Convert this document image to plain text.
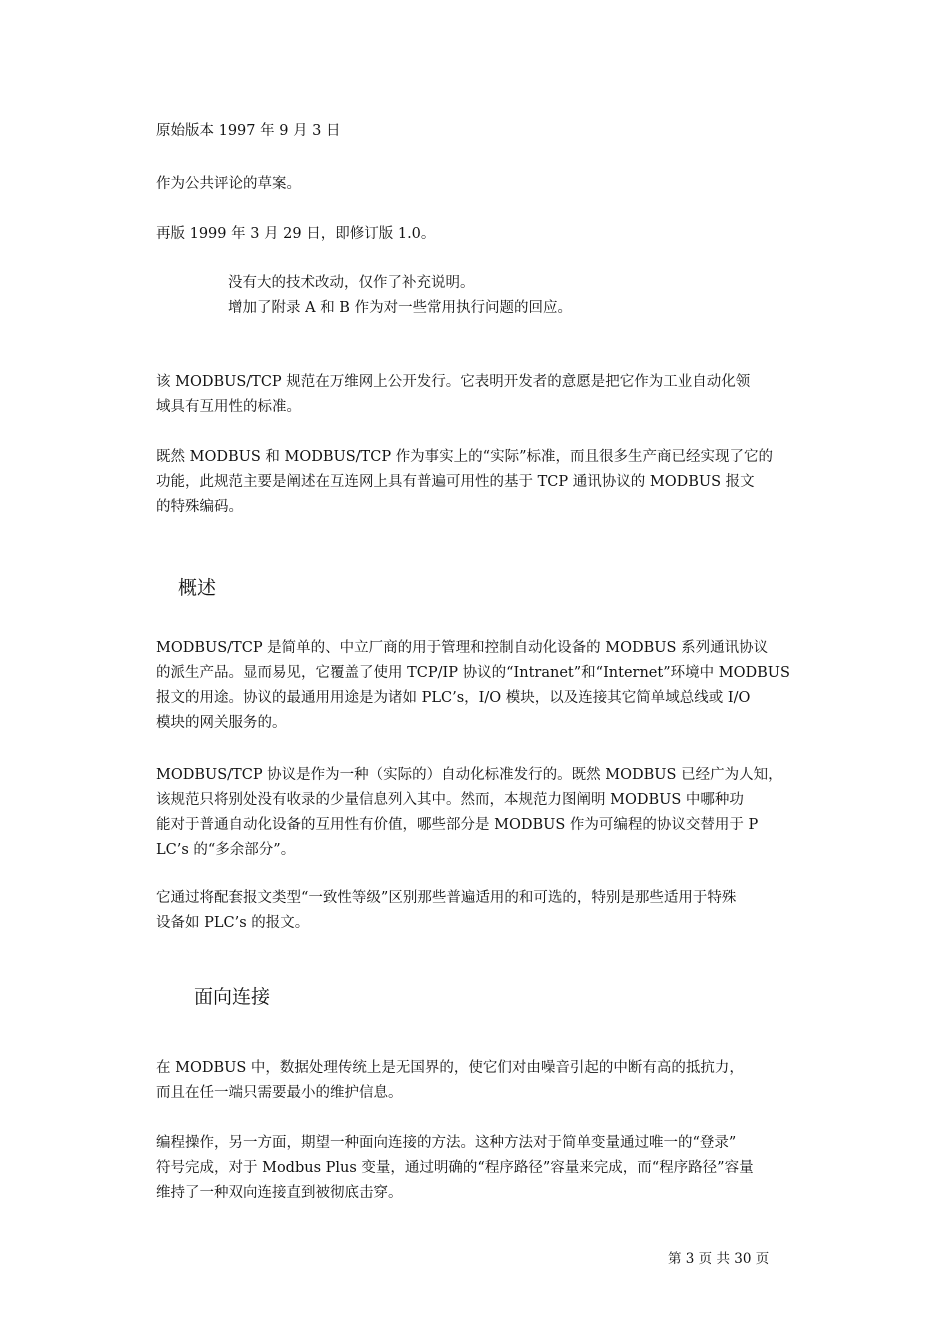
原始版本 1997 年 9 月 3 日

作为公共评论的草案。

再版 1999 年 3 月 29 日，即修订版 1.0。

没有大的技术改动，仅作了补充说明。
增加了附录 A 和 B 作为对一些常用执行问题的回应。

该 MODBUS/TCP 规范在万维网上公开发行。它表明开发者的意愿是把它作为工业自动化领
域具有互用性的标准。

既然 MODBUS 和 MODBUS/TCP 作为事实上的“实际”标准，而且很多生产商已经实现了它的
功能，此规范主要是阐述在互连网上具有普遍可用性的基于 TCP 通讯协议的 MODBUS 报文
的特殊编码。

概述

MODBUS/TCP 是简单的、中立厂商的用于管理和控制自动化设备的 MODBUS 系列通讯协议
的派生产品。显而易见，它覆盖了使用 TCP/IP 协议的“Intranet”和“Internet”环境中 MODBUS
报文的用途。协议的最通用用途是为诸如 PLC’s，I/O 模块，以及连接其它简单域总线或 I/O
模块的网关服务的。

MODBUS/TCP 协议是作为一种（实际的）自动化标准发行的。既然 MODBUS 已经广为人知，
该规范只将别处没有收录的少量信息列入其中。然而，本规范力图阐明 MODBUS 中哪种功
能对于普通自动化设备的互用性有价值，哪些部分是 MODBUS 作为可编程的协议交替用于 P
LC’s 的“多余部分”。

它通过将配套报文类型“一致性等级”区别那些普遍适用的和可选的，特别是那些适用于特殊
设备如 PLC’s 的报文。

面向连接

在 MODBUS 中，数据处理传统上是无国界的，使它们对由噪音引起的中断有高的抵抗力，
而且在任一端只需要最小的维护信息。

编程操作，另一方面，期望一种面向连接的方法。这种方法对于简单变量通过唯一的“登录”
符号完成，对于 Modbus Plus 变量，通过明确的“程序路径”容量来完成，而“程序路径”容量
维持了一种双向连接直到被彻底击穿。

第 3 页 共 30 页
